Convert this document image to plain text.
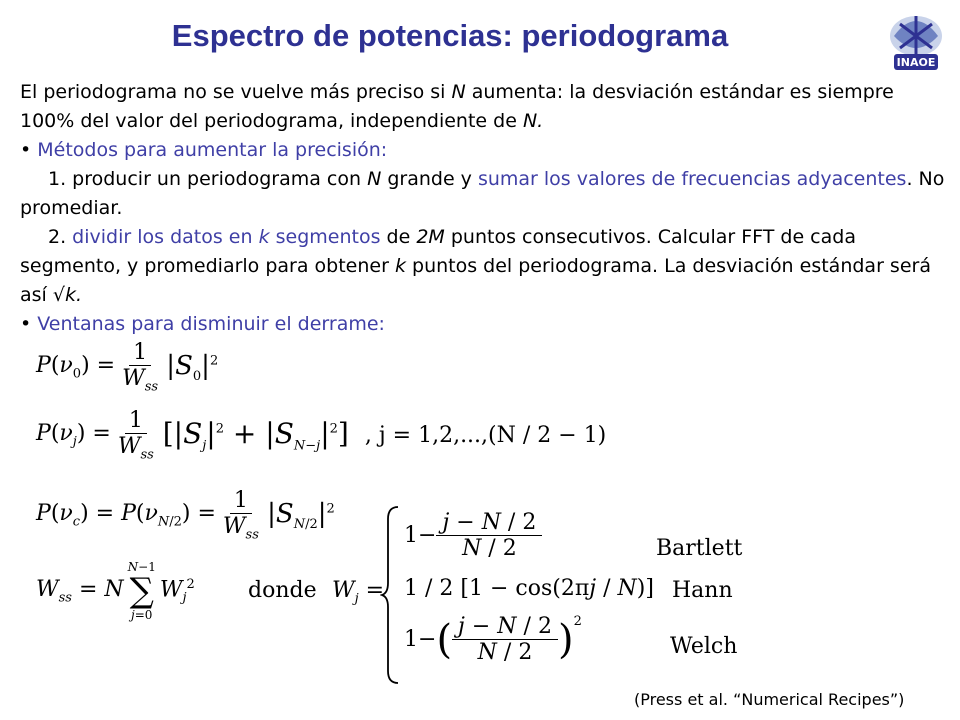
Espectro de potencias: periodograma
INAOE

El periodograma no se vuelve más preciso si N aumenta: la desviación estándar es siempre 100% del valor del periodograma, independiente de N.

• Métodos para aumentar la precisión:

1. producir un periodograma con N grande y sumar los valores de frecuencias adyacentes. No promediar.

2. dividir los datos en k segmentos de 2M puntos consecutivos. Calcular FFT de cada segmento, y promediarlo para obtener k puntos del periodograma. La desviación estándar será así √k.

• Ventanas para disminuir el derrame:

$P(\nu_0)$ =
1
$W_{ss}$
$|S_0|^2$
$P(\nu_j)$ =
1
$W_{ss}$
$[|S_j|^2 + |S_{N-j}|^2]$ , j = 1,2,...,(N / 2 − 1)
$P(\nu_c) = P(\nu_{N/2})$ =
1
$W_{ss}$
$|S_{N/2}|^2$
$W_{ss} = N$
N−1
∑
j=0
$W_j^2$ donde $W_j$ =
$1- \frac{j - N / 2}{N / 2}$
1 / 2 [1 − cos(2πj / N)]
1− ( j − N / 2
N / 2 )$^2$
Bartlett
Hann
Welch
(Press et al. “Numerical Recipes”)
